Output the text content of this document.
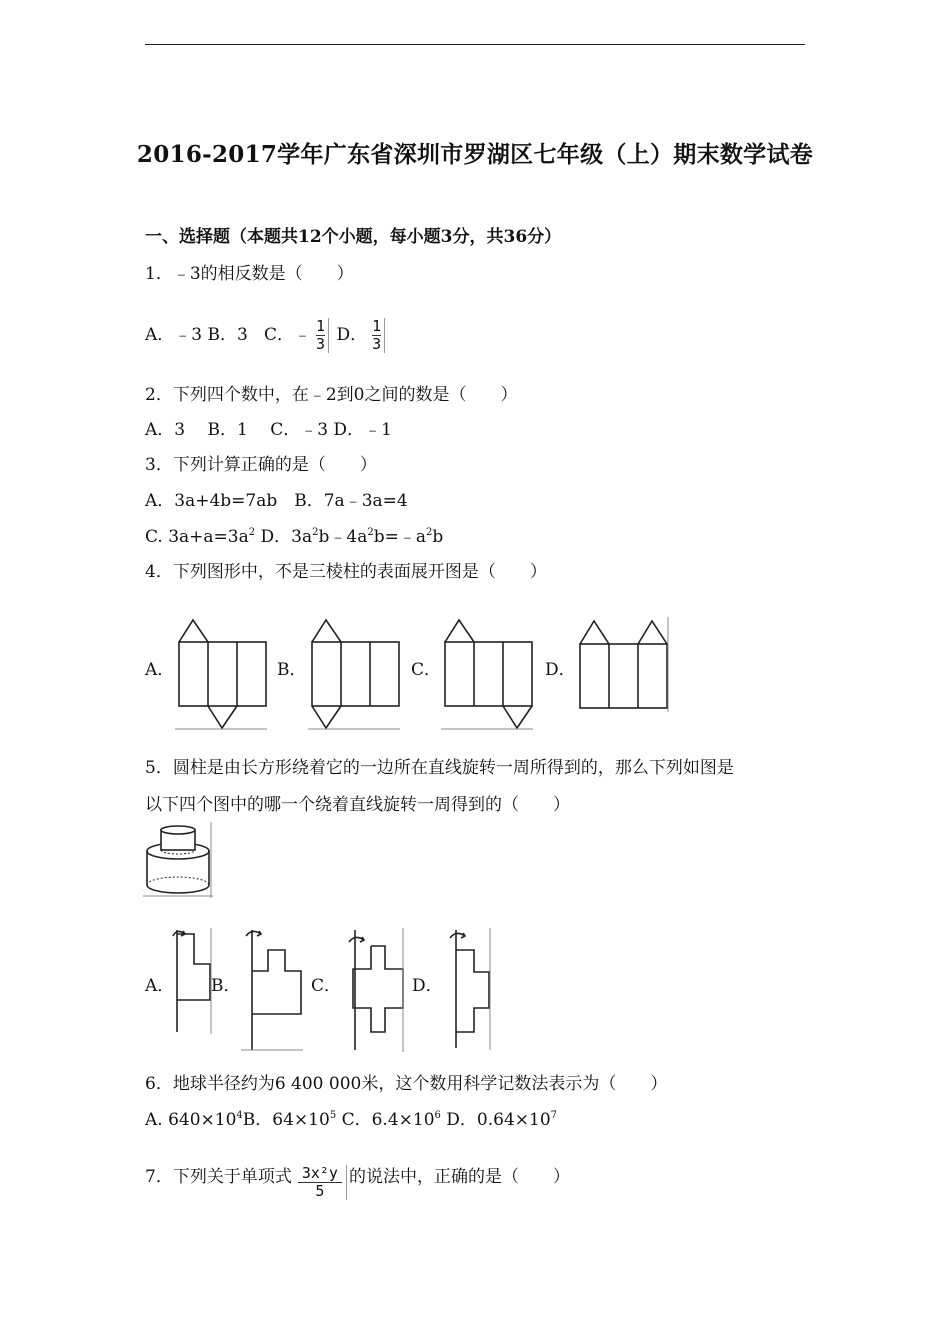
2016-2017学年广东省深圳市罗湖区七年级（上）期末数学试卷
一、选择题（本题共12个小题，每小题3分，共36分）
1．﹣3的相反数是（　　）
A．﹣3 B．3 C．﹣ $\frac{1}{3}$ D． $\frac{1}{3}$
2．下列四个数中，在﹣2到0之间的数是（　　）
A．3　 B．1　 C．﹣3 D．﹣1
3．下列计算正确的是（　　）
A．3a+4b=7ab　B．7a﹣3a=4
C. $3a+a=3a^2$ D．$3a^2b﹣4a^2b=﹣a^2b$
4．下列图形中，不是三棱柱的表面展开图是（　　）
A．	B．	C．	D．
5．圆柱是由长方形绕着它的一边所在直线旋转一周所得到的，那么下列如图是
以下四个图中的哪一个绕着直线旋转一周得到的（　　）
A． B．	C．	D．
6．地球半径约为6 400 000米，这个数用科学记数法表示为（　　）
A. $640\times 10^4B$．$64\times 10^5$ C．$6.4\times 10^6$ D．$0.64\times 10^7$
7．下列关于单项式 $\frac{\text{3x²y}}{5}$ 的说法中，正确的是（　　）
